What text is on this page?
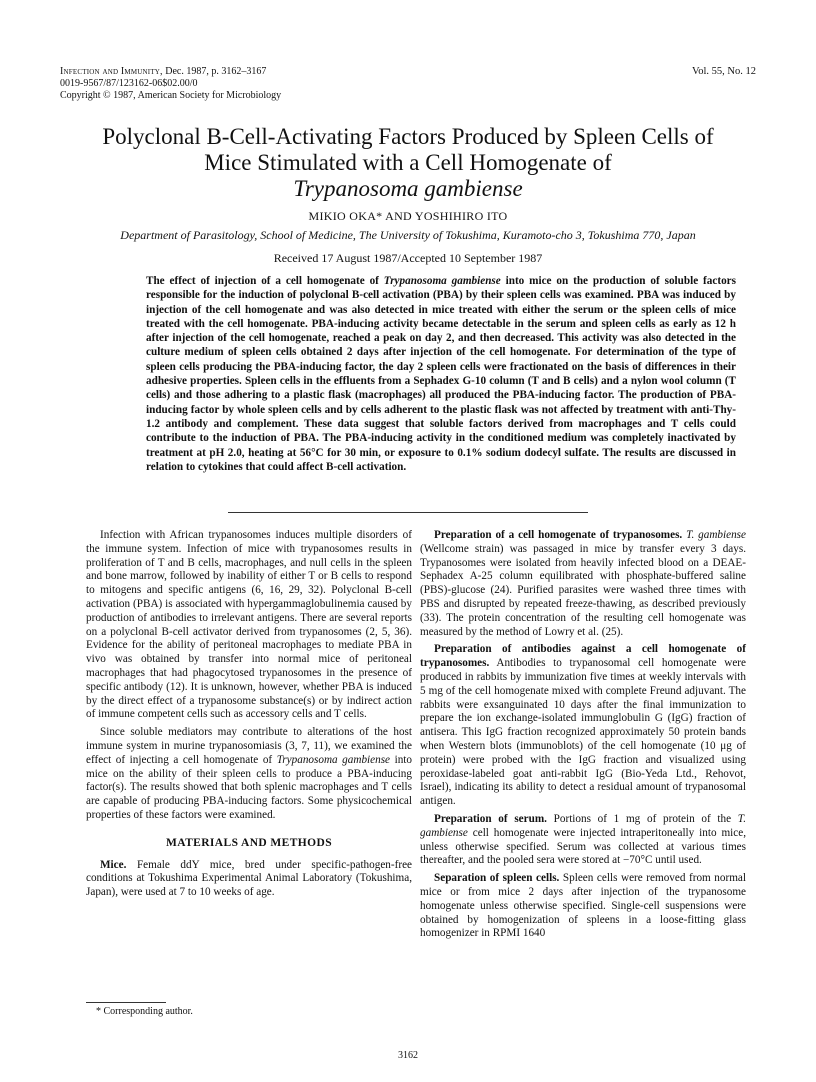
Infection and Immunity, Dec. 1987, p. 3162–3167
0019-9567/87/123162-06$02.00/0
Copyright © 1987, American Society for Microbiology
Vol. 55, No. 12
Polyclonal B-Cell-Activating Factors Produced by Spleen Cells of
Mice Stimulated with a Cell Homogenate of
Trypanosoma gambiense
MIKIO OKA* AND YOSHIHIRO ITO
Department of Parasitology, School of Medicine, The University of Tokushima, Kuramoto-cho 3, Tokushima 770, Japan
Received 17 August 1987/Accepted 10 September 1987
The effect of injection of a cell homogenate of Trypanosoma gambiense into mice on the production of soluble factors responsible for the induction of polyclonal B-cell activation (PBA) by their spleen cells was examined. PBA was induced by injection of the cell homogenate and was also detected in mice treated with either the serum or the spleen cells of mice treated with the cell homogenate. PBA-inducing activity became detectable in the serum and spleen cells as early as 12 h after injection of the cell homogenate, reached a peak on day 2, and then decreased. This activity was also detected in the culture medium of spleen cells obtained 2 days after injection of the cell homogenate. For determination of the type of spleen cells producing the PBA-inducing factor, the day 2 spleen cells were fractionated on the basis of differences in their adhesive properties. Spleen cells in the effluents from a Sephadex G-10 column (T and B cells) and a nylon wool column (T cells) and those adhering to a plastic flask (macrophages) all produced the PBA-inducing factor. The production of PBA-inducing factor by whole spleen cells and by cells adherent to the plastic flask was not affected by treatment with anti-Thy-1.2 antibody and complement. These data suggest that soluble factors derived from macrophages and T cells could contribute to the induction of PBA. The PBA-inducing activity in the conditioned medium was completely inactivated by treatment at pH 2.0, heating at 56°C for 30 min, or exposure to 0.1% sodium dodecyl sulfate. The results are discussed in relation to cytokines that could affect B-cell activation.

Infection with African trypanosomes induces multiple disorders of the immune system. Infection of mice with trypanosomes results in proliferation of T and B cells, macrophages, and null cells in the spleen and bone marrow, followed by inability of either T or B cells to respond to mitogens and specific antigens (6, 16, 29, 32). Polyclonal B-cell activation (PBA) is associated with hypergammaglobulinemia caused by production of antibodies to irrelevant antigens. There are several reports on a polyclonal B-cell activator derived from trypanosomes (2, 5, 36). Evidence for the ability of peritoneal macrophages to mediate PBA in vivo was obtained by transfer into normal mice of peritoneal macrophages that had phagocytosed trypanosomes in the presence of specific antibody (12). It is unknown, however, whether PBA is induced by the direct effect of a trypanosome substance(s) or by indirect action of immune competent cells such as accessory cells and T cells.

Since soluble mediators may contribute to alterations of the host immune system in murine trypanosomiasis (3, 7, 11), we examined the effect of injecting a cell homogenate of Trypanosoma gambiense into mice on the ability of their spleen cells to produce a PBA-inducing factor(s). The results showed that both splenic macrophages and T cells are capable of producing PBA-inducing factors. Some physicochemical properties of these factors were examined.

MATERIALS AND METHODS

Mice. Female ddY mice, bred under specific-pathogen-free conditions at Tokushima Experimental Animal Laboratory (Tokushima, Japan), were used at 7 to 10 weeks of age.

Preparation of a cell homogenate of trypanosomes. T. gambiense (Wellcome strain) was passaged in mice by transfer every 3 days. Trypanosomes were isolated from heavily infected blood on a DEAE-Sephadex A-25 column equilibrated with phosphate-buffered saline (PBS)-glucose (24). Purified parasites were washed three times with PBS and disrupted by repeated freeze-thawing, as described previously (33). The protein concentration of the resulting cell homogenate was measured by the method of Lowry et al. (25).

Preparation of antibodies against a cell homogenate of trypanosomes. Antibodies to trypanosomal cell homogenate were produced in rabbits by immunization five times at weekly intervals with 5 mg of the cell homogenate mixed with complete Freund adjuvant. The rabbits were exsanguinated 10 days after the final immunization to prepare the ion exchange-isolated immunglobulin G (IgG) fraction of antisera. This IgG fraction recognized approximately 50 protein bands when Western blots (immunoblots) of the cell homogenate (10 μg of protein) were probed with the IgG fraction and visualized using peroxidase-labeled goat anti-rabbit IgG (Bio-Yeda Ltd., Rehovot, Israel), indicating its ability to detect a residual amount of trypanosomal antigen.

Preparation of serum. Portions of 1 mg of protein of the T. gambiense cell homogenate were injected intraperitoneally into mice, unless otherwise specified. Serum was collected at various times thereafter, and the pooled sera were stored at −70°C until used.

Separation of spleen cells. Spleen cells were removed from normal mice or from mice 2 days after injection of the trypanosome homogenate unless otherwise specified. Single-cell suspensions were obtained by homogenization of spleens in a loose-fitting glass homogenizer in RPMI 1640

* Corresponding author.
3162
